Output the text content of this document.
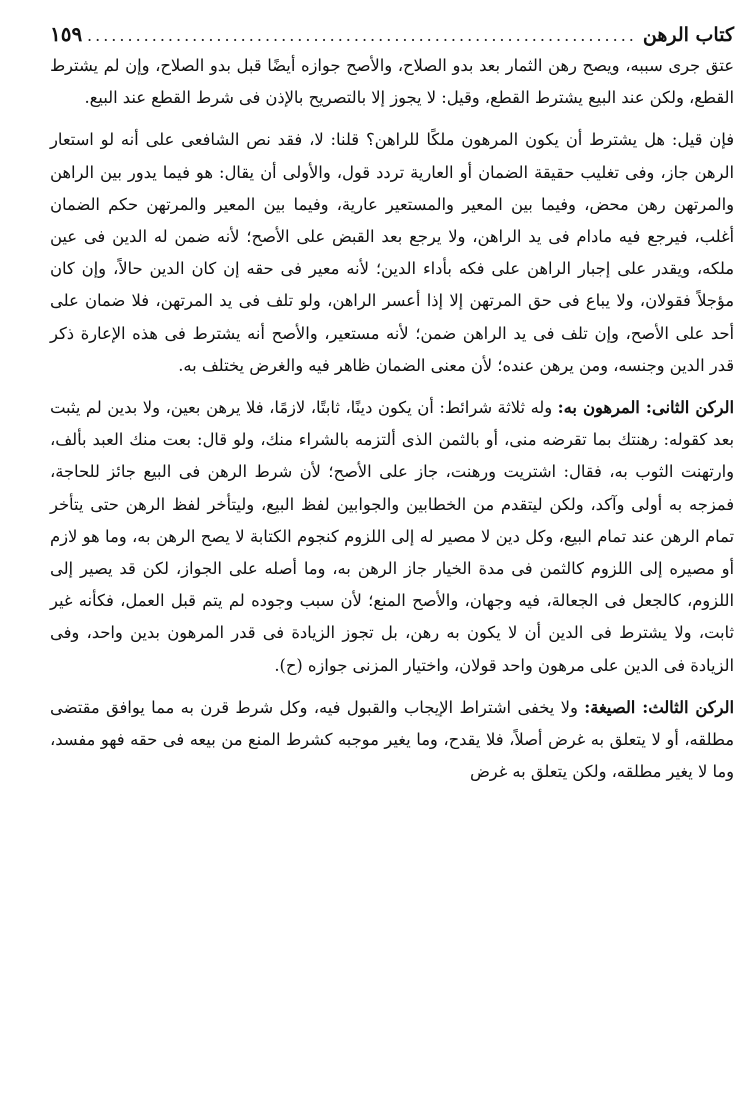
كتاب الرهن
.....
١٥٩

عتق جرى سببه، ويصح رهن الثمار بعد بدو الصلاح، والأصح جوازه أيضًا قبل بدو الصلاح، وإن لم يشترط القطع، ولكن عند البيع يشترط القطع، وقيل: لا يجوز إلا بالتصريح بالإذن فى شرط القطع عند البيع.

فإن قيل: هل يشترط أن يكون المرهون ملكًا للراهن؟ قلنا: لا، فقد نص الشافعى على أنه لو استعار الرهن جاز، وفى تغليب حقيقة الضمان أو العارية تردد قول، والأولى أن يقال: هو فيما يدور بين الراهن والمرتهن رهن محض، وفيما بين المعير والمستعير عارية، وفيما بين المعير والمرتهن حكم الضمان أغلب، فيرجع فيه مادام فى يد الراهن، ولا يرجع بعد القبض على الأصح؛ لأنه ضمن له الدين فى عين ملكه، ويقدر على إجبار الراهن على فكه بأداء الدين؛ لأنه معير فى حقه إن كان الدين حالاً، وإن كان مؤجلاً فقولان، ولا يباع فى حق المرتهن إلا إذا أعسر الراهن، ولو تلف فى يد المرتهن، فلا ضمان على أحد على الأصح، وإن تلف فى يد الراهن ضمن؛ لأنه مستعير، والأصح أنه يشترط فى هذه الإعارة ذكر قدر الدين وجنسه، ومن يرهن عنده؛ لأن معنى الضمان ظاهر فيه والغرض يختلف به.

الركن الثانى: المرهون به: وله ثلاثة شرائط: أن يكون دينًا، ثابتًا، لازمًا، فلا يرهن بعين، ولا بدين لم يثبت بعد كقوله: رهنتك بما تقرضه منى، أو بالثمن الذى ألتزمه بالشراء منك، ولو قال: بعت منك العبد بألف، وارتهنت الثوب به، فقال: اشتريت ورهنت، جاز على الأصح؛ لأن شرط الرهن فى البيع جائز للحاجة، فمزجه به أولى وآكد، ولكن ليتقدم من الخطابين والجوابين لفظ البيع، وليتأخر لفظ الرهن حتى يتأخر تمام الرهن عند تمام البيع، وكل دين لا مصير له إلى اللزوم كنجوم الكتابة لا يصح الرهن به، وما هو لازم أو مصيره إلى اللزوم كالثمن فى مدة الخيار جاز الرهن به، وما أصله على الجواز، لكن قد يصير إلى اللزوم، كالجعل فى الجعالة، فيه وجهان، والأصح المنع؛ لأن سبب وجوده لم يتم قبل العمل، فكأنه غير ثابت، ولا يشترط فى الدين أن لا يكون به رهن، بل تجوز الزيادة فى قدر المرهون بدين واحد، وفى الزيادة فى الدين على مرهون واحد قولان، واختيار المزنى جوازه (ح).

الركن الثالث: الصيغة: ولا يخفى اشتراط الإيجاب والقبول فيه، وكل شرط قرن به مما يوافق مقتضى مطلقه، أو لا يتعلق به غرض أصلاً، فلا يقدح، وما يغير موجبه كشرط المنع من بيعه فى حقه فهو مفسد، وما لا يغير مطلقه، ولكن يتعلق به غرض
